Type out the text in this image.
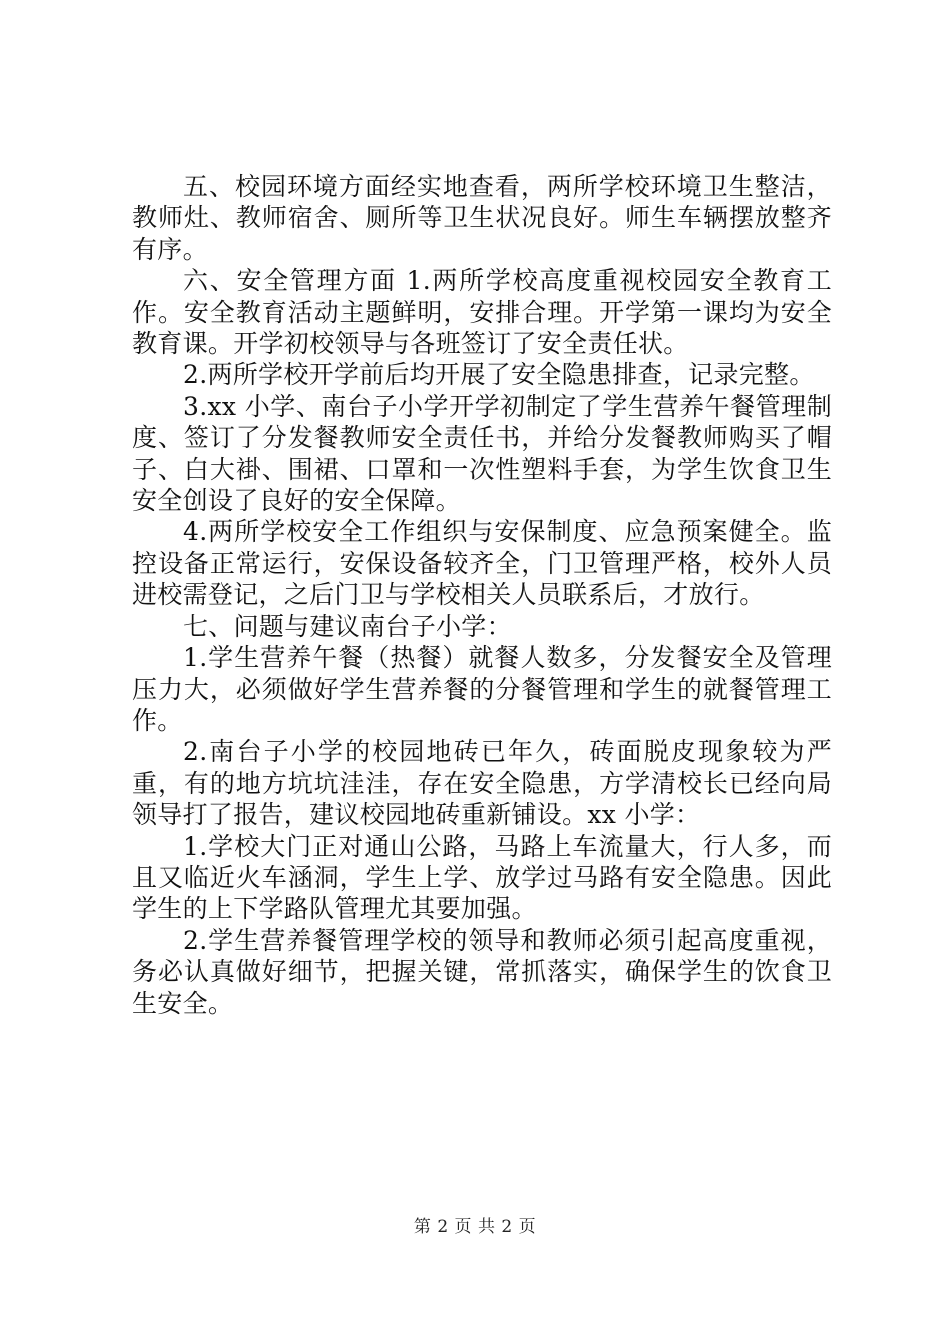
五、校园环境方面经实地查看，两所学校环境卫生整洁，教师灶、教师宿舍、厕所等卫生状况良好。师生车辆摆放整齐有序。

六、安全管理方面 1.两所学校高度重视校园安全教育工作。安全教育活动主题鲜明，安排合理。开学第一课均为安全教育课。开学初校领导与各班签订了安全责任状。

2.两所学校开学前后均开展了安全隐患排查，记录完整。

3.xx 小学、南台子小学开学初制定了学生营养午餐管理制度、签订了分发餐教师安全责任书，并给分发餐教师购买了帽子、白大褂、围裙、口罩和一次性塑料手套，为学生饮食卫生安全创设了良好的安全保障。

4.两所学校安全工作组织与安保制度、应急预案健全。监控设备正常运行，安保设备较齐全，门卫管理严格，校外人员进校需登记，之后门卫与学校相关人员联系后，才放行。

七、问题与建议南台子小学：

1.学生营养午餐（热餐）就餐人数多，分发餐安全及管理压力大，必须做好学生营养餐的分餐管理和学生的就餐管理工作。

2.南台子小学的校园地砖已年久，砖面脱皮现象较为严重，有的地方坑坑洼洼，存在安全隐患，方学清校长已经向局领导打了报告，建议校园地砖重新铺设。xx 小学：

1.学校大门正对通山公路，马路上车流量大，行人多，而且又临近火车涵洞，学生上学、放学过马路有安全隐患。因此学生的上下学路队管理尤其要加强。

2.学生营养餐管理学校的领导和教师必须引起高度重视，务必认真做好细节，把握关键，常抓落实，确保学生的饮食卫生安全。

第 2 页 共 2 页
